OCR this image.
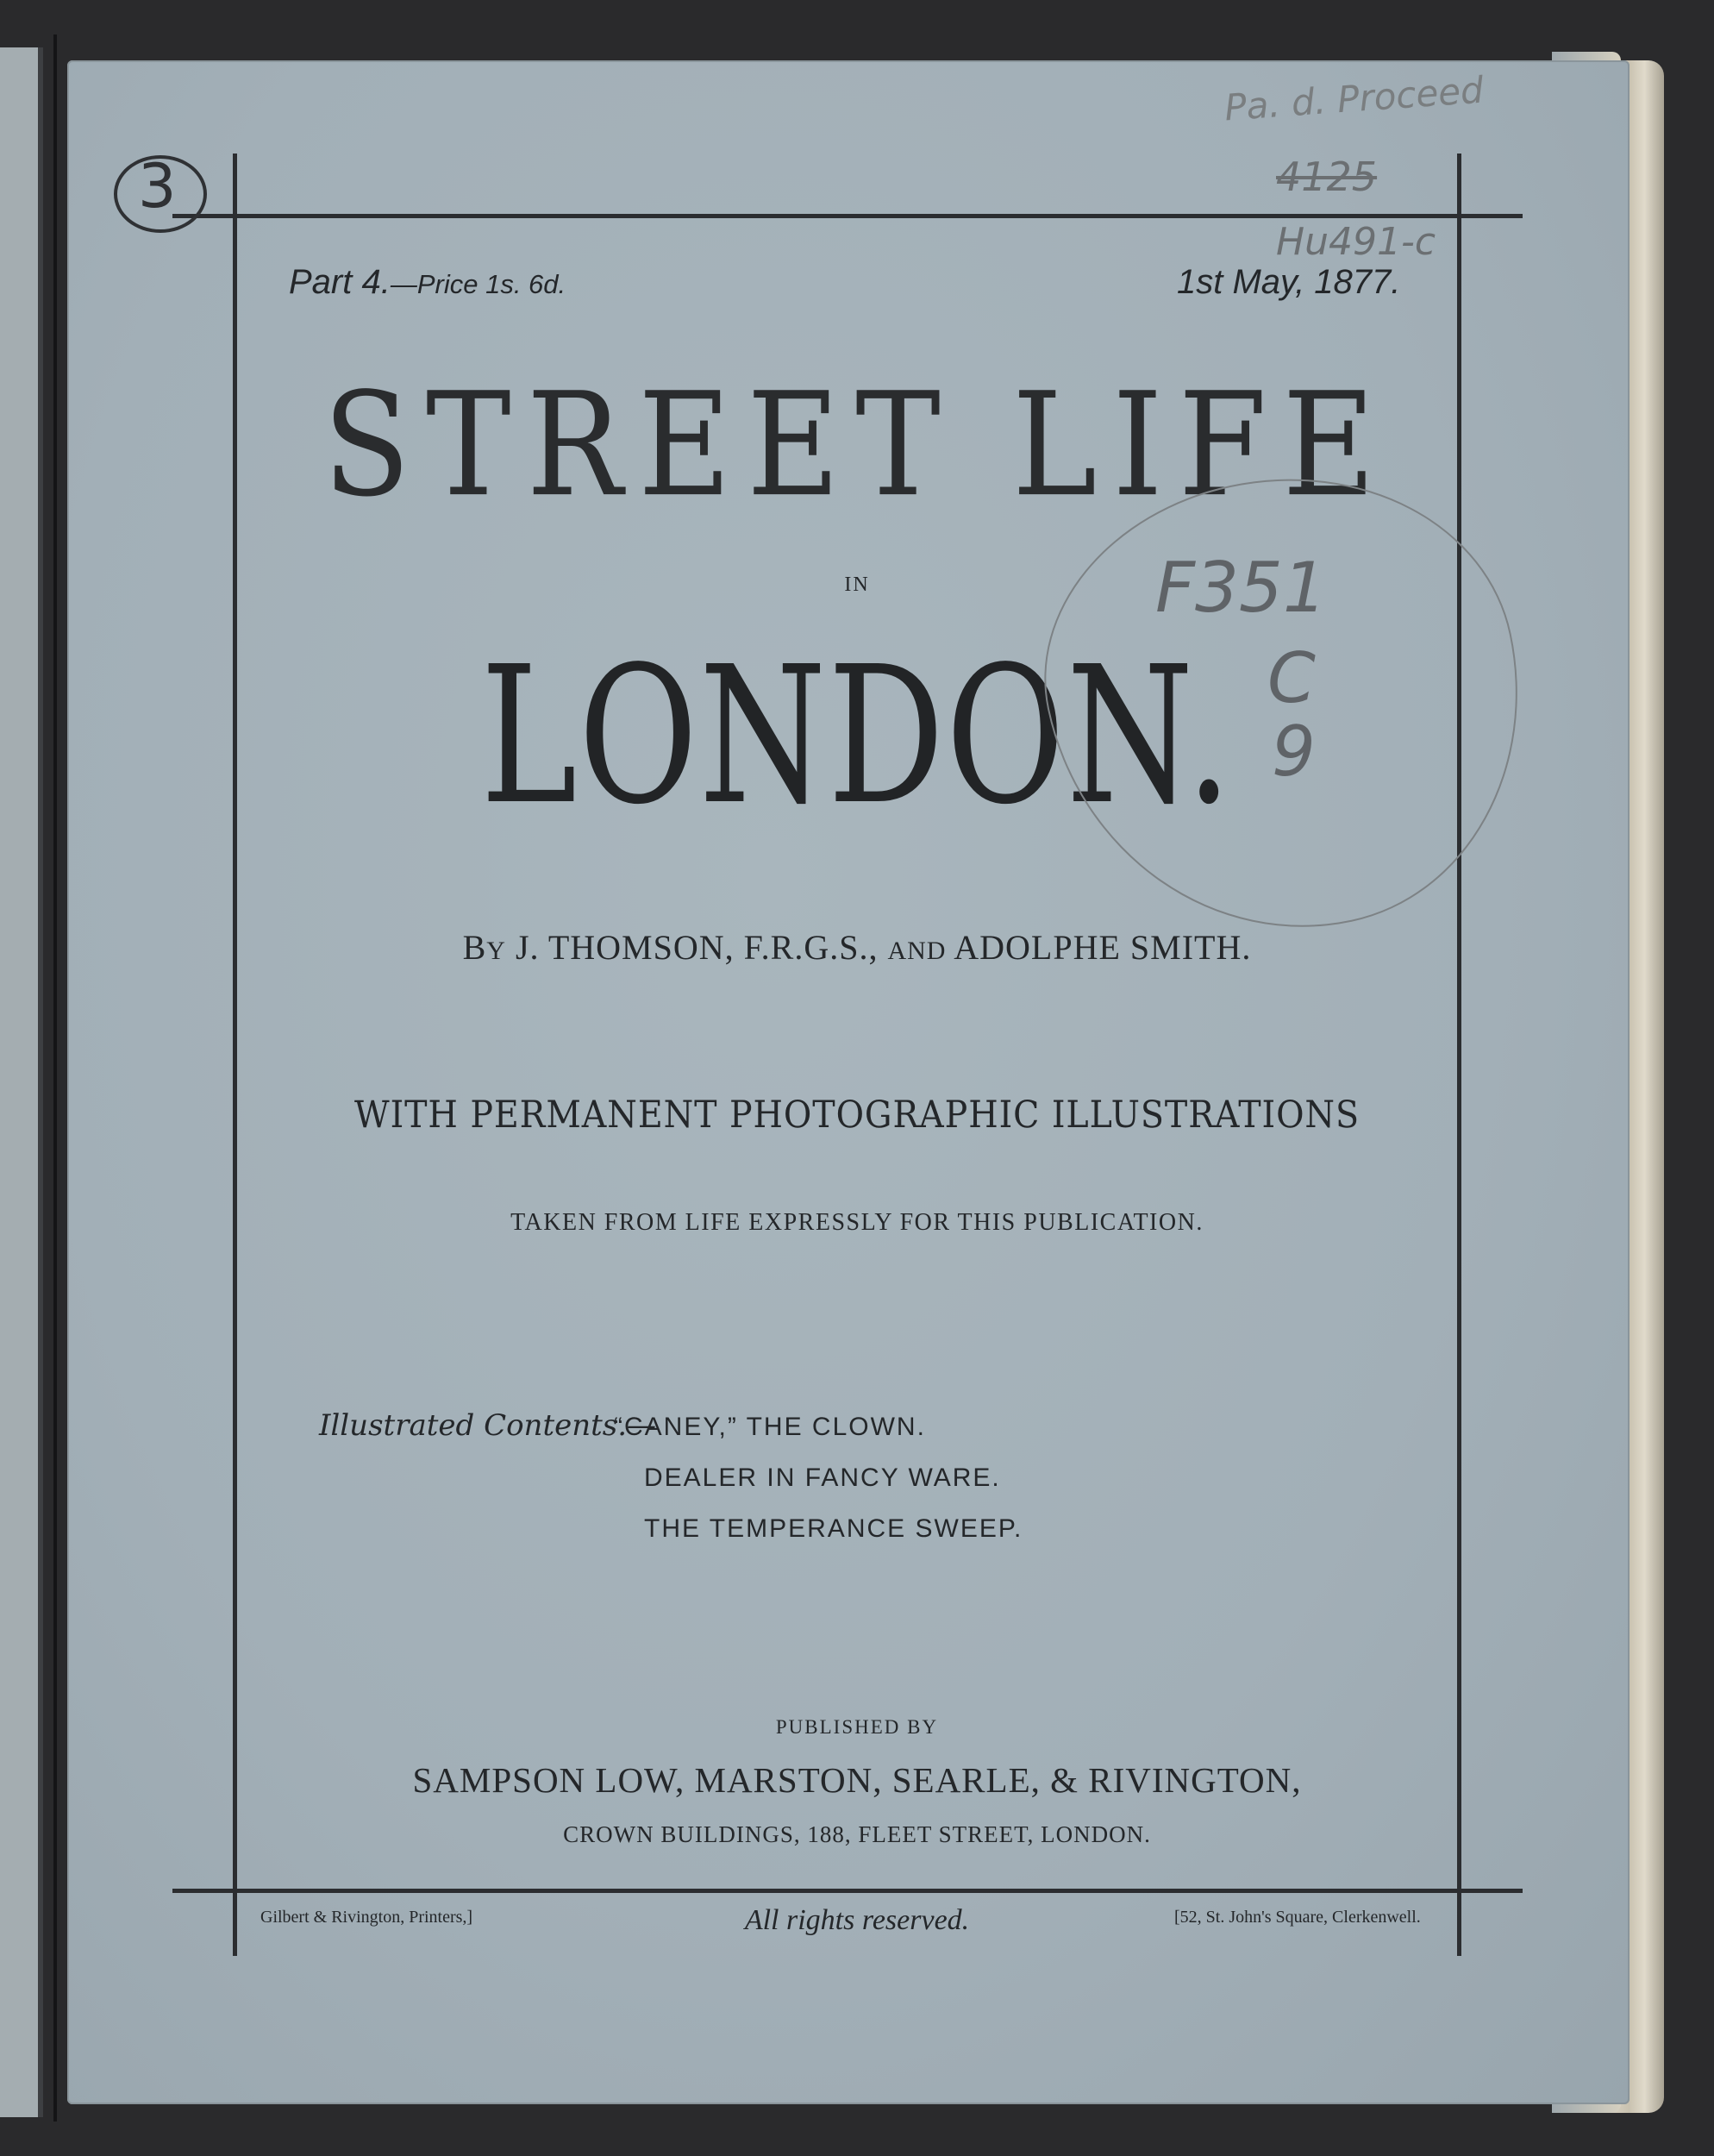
3
Pa. d. Proceed
4125
Hu491-c
Part 4.—Price 1s. 6d.	1st May, 1877.
STREET LIFE
IN
LONDON.
F351
C
9
BY J. THOMSON, F.R.G.S., AND ADOLPHE SMITH.
WITH PERMANENT PHOTOGRAPHIC ILLUSTRATIONS
TAKEN FROM LIFE EXPRESSLY FOR THIS PUBLICATION.
Illustrated Contents.—
“CANEY,” THE CLOWN.
DEALER IN FANCY WARE.
THE TEMPERANCE SWEEP.
PUBLISHED BY
SAMPSON LOW, MARSTON, SEARLE, & RIVINGTON,
CROWN BUILDINGS, 188, FLEET STREET, LONDON.
Gilbert & Rivington, Printers,]	All rights reserved.	[52, St. John's Square, Clerkenwell.
